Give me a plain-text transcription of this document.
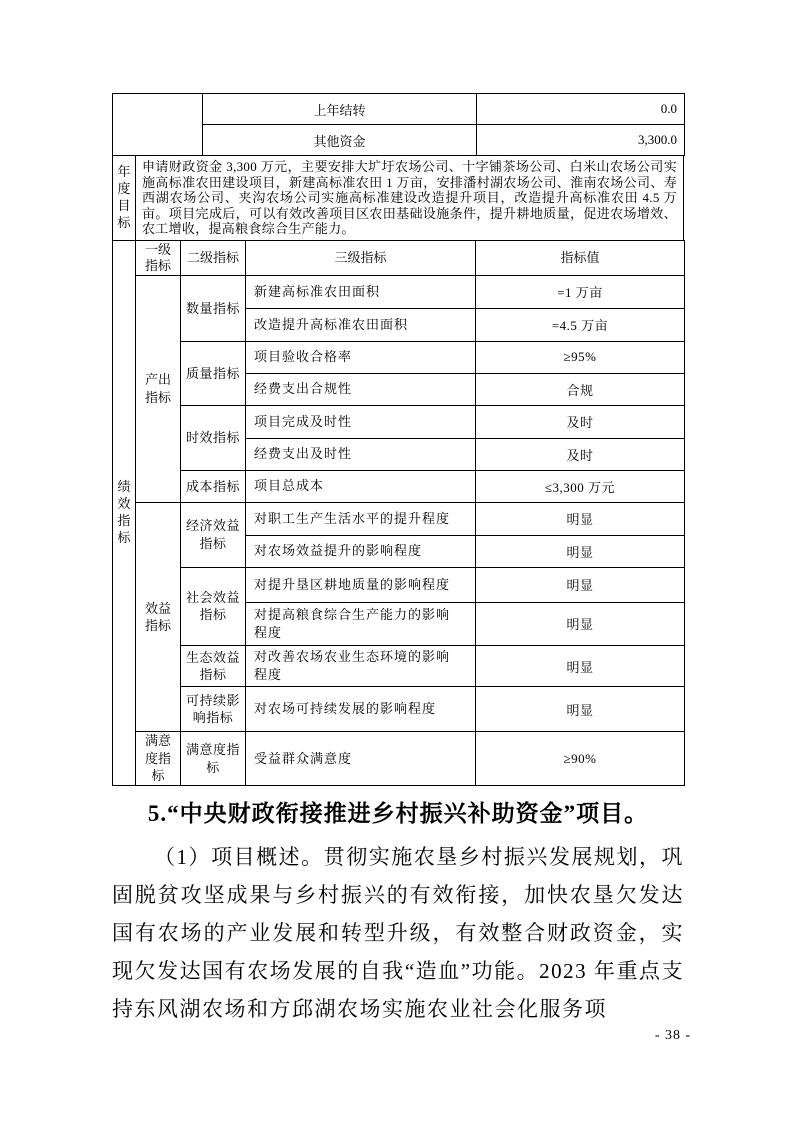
	上年结转	0.0
	其他资金	3,300.0
年度目标	申请财政资金 3,300 万元，主要安排大圹圩农场公司、十字铺茶场公司、白米山农场公司实施高标准农田建设项目，新建高标准农田 1 万亩，安排潘村湖农场公司、淮南农场公司、寿西湖农场公司、夹沟农场公司实施高标准建设改造提升项目，改造提升高标准农田 4.5 万亩。项目完成后，可以有效改善项目区农田基础设施条件，提升耕地质量，促进农场增效、农工增收，提高粮食综合生产能力。
绩效指标	一级指标	二级指标	三级指标	指标值
	产出指标	数量指标	新建高标准农田面积	=1 万亩
			改造提升高标准农田面积	=4.5 万亩
		质量指标	项目验收合格率	≥95%
			经费支出合规性	合规
		时效指标	项目完成及时性	及时
			经费支出及时性	及时
		成本指标	项目总成本	≤3,300 万元
	效益指标	经济效益指标	对职工生产生活水平的提升程度	明显
			对农场效益提升的影响程度	明显
		社会效益指标	对提升垦区耕地质量的影响程度	明显
			对提高粮食综合生产能力的影响程度	明显
		生态效益指标	对改善农场农业生态环境的影响程度	明显
		可持续影响指标	对农场可持续发展的影响程度	明显
	满意度指标	满意度指标	受益群众满意度	≥90%
5.“中央财政衔接推进乡村振兴补助资金”项目。

（1）项目概述。贯彻实施农垦乡村振兴发展规划，巩固脱贫攻坚成果与乡村振兴的有效衔接，加快农垦欠发达国有农场的产业发展和转型升级，有效整合财政资金，实现欠发达国有农场发展的自我“造血”功能。2023 年重点支持东风湖农场和方邱湖农场实施农业社会化服务项

- 38 -
